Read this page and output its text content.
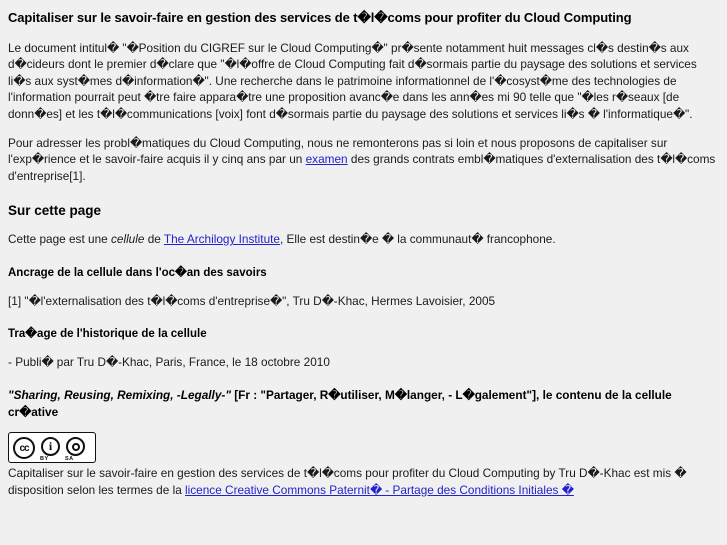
Capitaliser sur le savoir-faire en gestion des services de t�l�coms pour profiter du Cloud Computing

Le document intitul� "�Position du CIGREF sur le Cloud Computing�" pr�sente notamment huit messages cl�s destin�s aux d�cideurs dont le premier d�clare que "�l�offre de Cloud Computing fait d�sormais partie du paysage des solutions et services li�s aux syst�mes d�information�". Une recherche dans le patrimoine informationnel de l'�cosyst�me des technologies de l'information pourrait peut �tre faire appara�tre une proposition avanc�e dans les ann�es mi 90 telle que "�les r�seaux [de donn�es] et les t�l�communications [voix] font d�sormais partie du paysage des solutions et services li�s � l'informatique�".

Pour adresser les probl�matiques du Cloud Computing, nous ne remonterons pas si loin et nous proposons de capitaliser sur l'exp�rience et le savoir-faire acquis il y cinq ans par un examen des grands contrats embl�matiques d'externalisation des t�l�coms d'entreprise[1].

Sur cette page

Cette page est une cellule de The Archilogy Institute, Elle est destin�e � la communaut� francophone.

Ancrage de la cellule dans l'oc�an des savoirs

[1] "�l'externalisation des t�l�coms d'entreprise�", Tru D�-Khac, Hermes Lavoisier, 2005

Tra�age de l'historique de la cellule

- Publi� par Tru D�-Khac, Paris, France, le 18 octobre 2010

"Sharing, Reusing, Remixing, -Legally-" [Fr : "Partager, R�utiliser, M�langer, - L�galement"], le contenu de la cellule cr�ative

cc	i
BY	SA

Capitaliser sur le savoir-faire en gestion des services de t�l�coms pour profiter du Cloud Computing by Tru D�-Khac est mis � disposition selon les termes de la licence Creative Commons Paternit� - Partage des Conditions Initiales �
